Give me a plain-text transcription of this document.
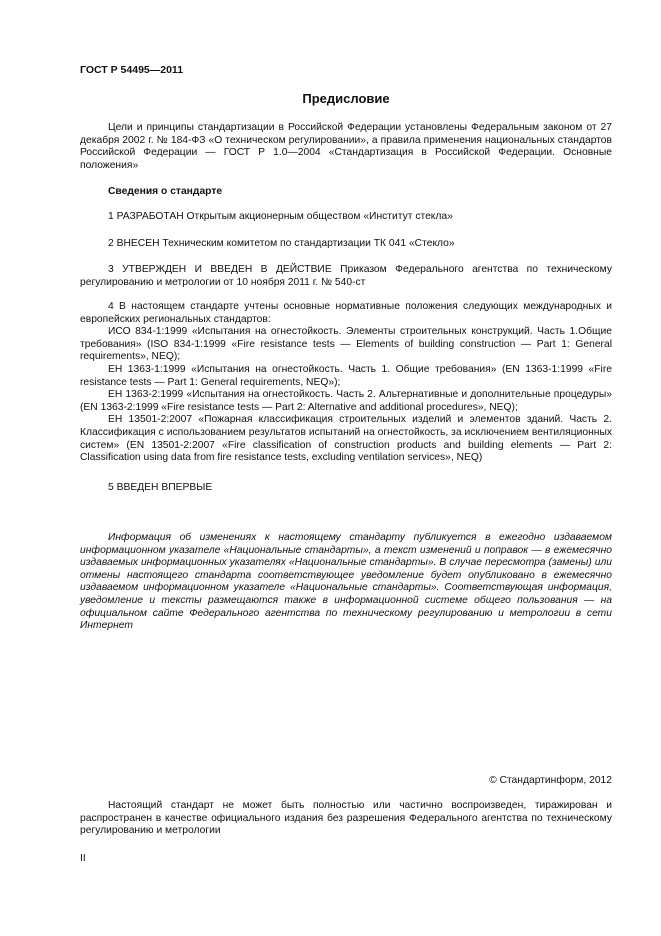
ГОСТ Р 54495—2011
Предисловие

Цели и принципы стандартизации в Российской Федерации установлены Федеральным законом от 27 декабря 2002 г. № 184-ФЗ «О техническом регулировании», а правила применения национальных стандартов Российской Федерации — ГОСТ Р 1.0—2004 «Стандартизация в Российской Федерации. Основные положения»

Сведения о стандарте

1 РАЗРАБОТАН Открытым акционерным обществом «Институт стекла»

2 ВНЕСЕН Техническим комитетом по стандартизации ТК 041 «Стекло»

3 УТВЕРЖДЕН И ВВЕДЕН В ДЕЙСТВИЕ Приказом Федерального агентства по техническому регулированию и метрологии от 10 ноября 2011 г. № 540-ст

4 В настоящем стандарте учтены основные нормативные положения следующих международных и европейских региональных стандартов:

ИСО 834-1:1999 «Испытания на огнестойкость. Элементы строительных конструкций. Часть 1.Общие требования» (ISO 834-1:1999 «Fire resistance tests — Elements of building construction — Part 1: General requirements», NEQ);

ЕН 1363-1:1999 «Испытания на огнестойкость. Часть 1. Общие требования» (EN 1363-1:1999 «Fire resistance tests — Part 1: General requirements, NEQ»);

ЕН 1363-2:1999 «Испытания на огнестойкость. Часть 2. Альтернативные и дополнительные процедуры» (EN 1363-2:1999 «Fire resistance tests — Part 2: Alternative and additional procedures», NEQ);

ЕН 13501-2:2007 «Пожарная классификация строительных изделий и элементов зданий. Часть 2. Классификация с использованием результатов испытаний на огнестойкость, за исключением вентиляционных систем» (EN 13501-2:2007 «Fire classification of construction products and building elements — Part 2: Classification using data from fire resistance tests, excluding ventilation services», NEQ)

5 ВВЕДЕН ВПЕРВЫЕ

Информация об изменениях к настоящему стандарту публикуется в ежегодно издаваемом информационном указателе «Национальные стандарты», а текст изменений и поправок — в ежемесячно издаваемых информационных указателях «Национальные стандарты». В случае пересмотра (замены) или отмены настоящего стандарта соответствующее уведомление будет опубликовано в ежемесячно издаваемом информационном указателе «Национальные стандарты». Соответствующая информация, уведомление и тексты размещаются также в информационной системе общего пользования — на официальном сайте Федерального агентства по техническому регулированию и метрологии в сети Интернет

© Стандартинформ, 2012

Настоящий стандарт не может быть полностью или частично воспроизведен, тиражирован и распространен в качестве официального издания без разрешения Федерального агентства по техническому регулированию и метрологии

II
